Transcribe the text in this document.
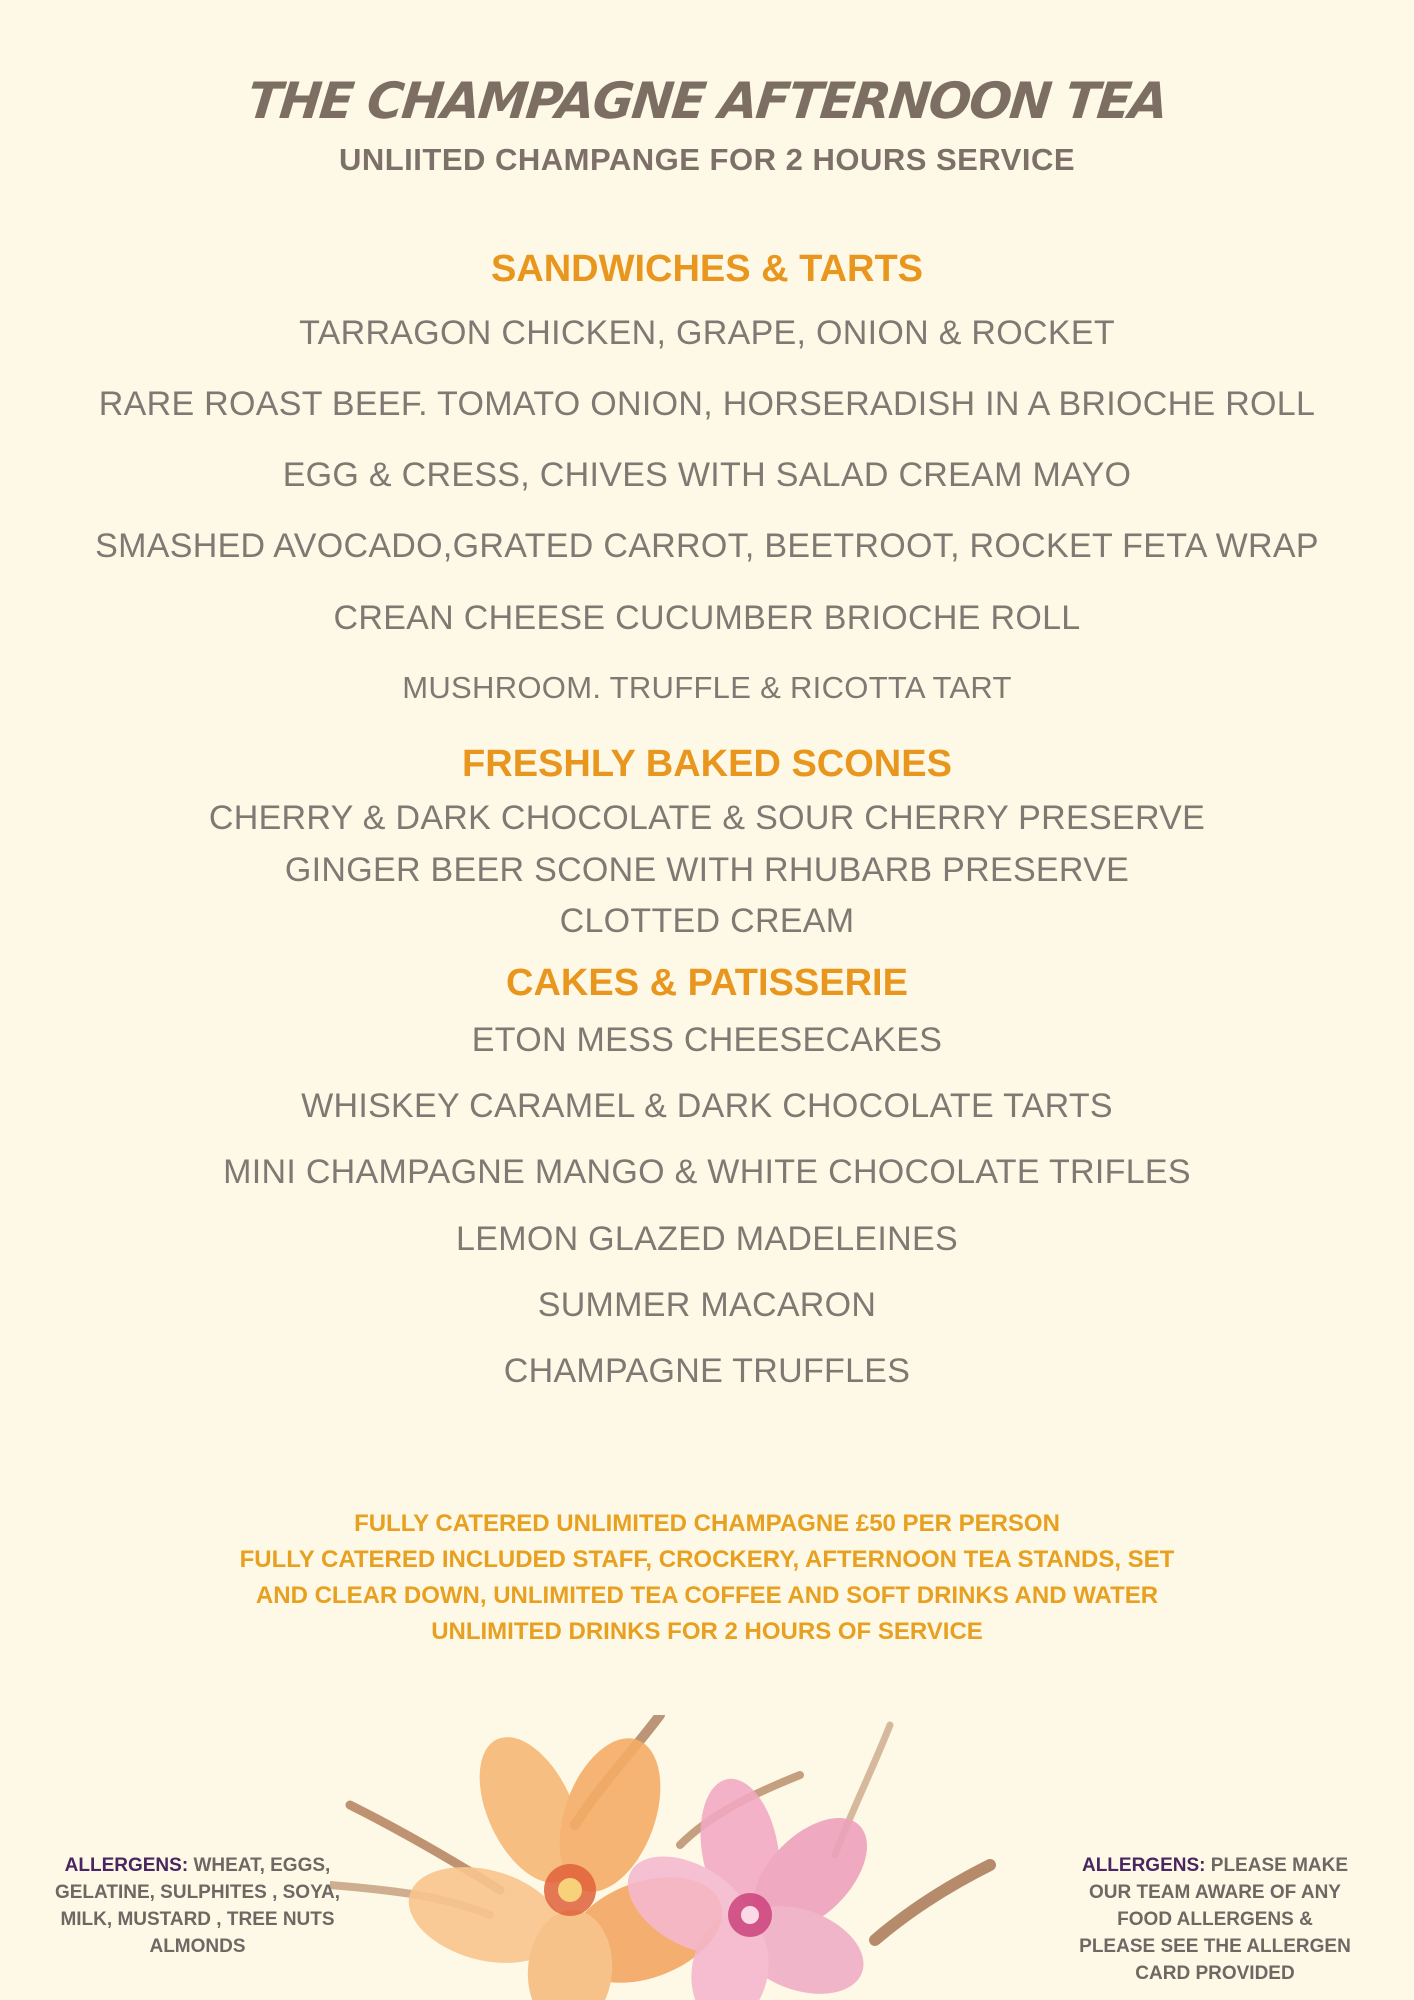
THE CHAMPAGNE AFTERNOON TEA
UNLIITED CHAMPANGE FOR 2 HOURS SERVICE
SANDWICHES & TARTS
TARRAGON CHICKEN, GRAPE, ONION & ROCKET
RARE ROAST BEEF. TOMATO ONION, HORSERADISH IN A BRIOCHE ROLL
EGG & CRESS, CHIVES WITH SALAD CREAM MAYO
SMASHED AVOCADO,GRATED CARROT, BEETROOT, ROCKET FETA WRAP
CREAN CHEESE CUCUMBER BRIOCHE ROLL
MUSHROOM. TRUFFLE & RICOTTA TART
FRESHLY BAKED SCONES
CHERRY & DARK CHOCOLATE & SOUR CHERRY PRESERVE
GINGER BEER SCONE WITH RHUBARB PRESERVE
CLOTTED CREAM
CAKES & PATISSERIE
ETON MESS CHEESECAKES
WHISKEY CARAMEL & DARK CHOCOLATE TARTS
MINI CHAMPAGNE MANGO & WHITE CHOCOLATE TRIFLES
LEMON GLAZED MADELEINES
SUMMER MACARON
CHAMPAGNE TRUFFLES
FULLY CATERED UNLIMITED CHAMPAGNE £50 PER PERSON
FULLY CATERED INCLUDED STAFF, CROCKERY, AFTERNOON TEA STANDS, SET
AND CLEAR DOWN, UNLIMITED TEA COFFEE AND SOFT DRINKS AND WATER
UNLIMITED DRINKS FOR 2 HOURS OF SERVICE
ALLERGENS: WHEAT, EGGS,
GELATINE, SULPHITES , SOYA,
MILK, MUSTARD , TREE NUTS
ALMONDS
ALLERGENS: PLEASE MAKE
OUR TEAM AWARE OF ANY
FOOD ALLERGENS &
PLEASE SEE THE ALLERGEN
CARD PROVIDED
